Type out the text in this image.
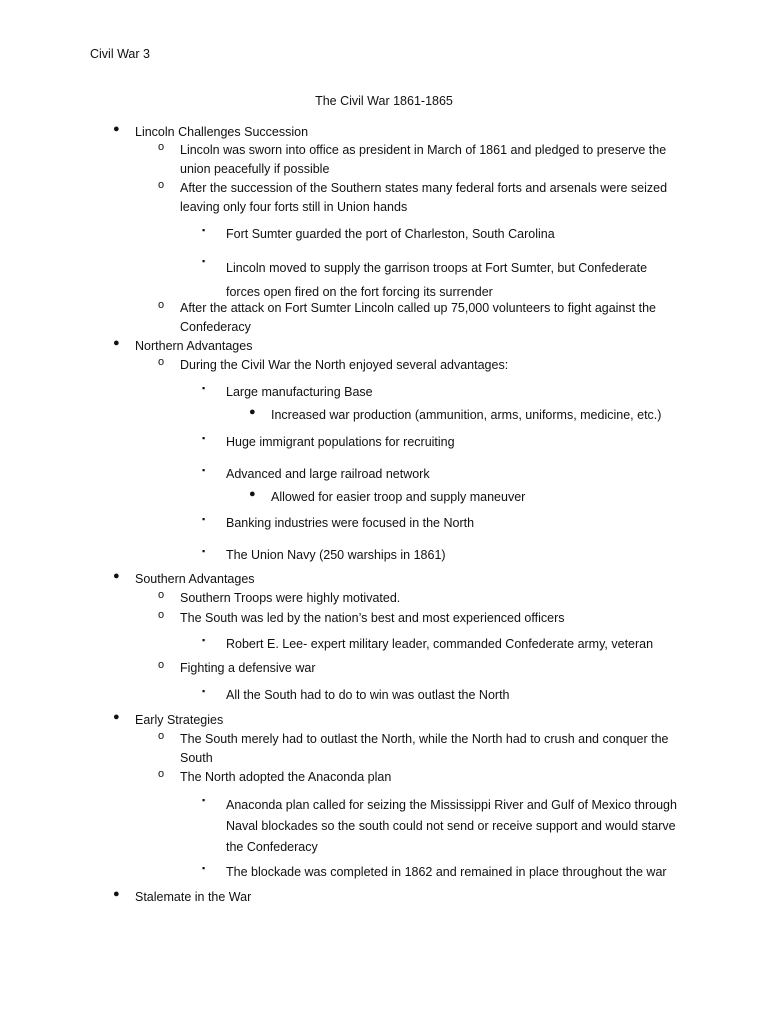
Civil War 3
The Civil War 1861-1865
● Lincoln Challenges Succession
o Lincoln was sworn into office as president in March of 1861 and pledged to preserve the union peacefully if possible
o After the succession of the Southern states many federal forts and arsenals were seized leaving only four forts still in Union hands
▪ Fort Sumter guarded the port of Charleston, South Carolina
▪ Lincoln moved to supply the garrison troops at Fort Sumter, but Confederate forces open fired on the fort forcing its surrender
o After the attack on Fort Sumter Lincoln called up 75,000 volunteers to fight against the Confederacy
● Northern Advantages
o During the Civil War the North enjoyed several advantages:
▪ Large manufacturing Base
● Increased war production (ammunition, arms, uniforms, medicine, etc.)
▪ Huge immigrant populations for recruiting
▪ Advanced and large railroad network
● Allowed for easier troop and supply maneuver
▪ Banking industries were focused in the North
▪ The Union Navy (250 warships in 1861)
● Southern Advantages
o Southern Troops were highly motivated.
o The South was led by the nation’s best and most experienced officers
▪ Robert E. Lee- expert military leader, commanded Confederate army, veteran
o Fighting a defensive war
▪ All the South had to do to win was outlast the North
● Early Strategies
o The South merely had to outlast the North, while the North had to crush and conquer the South
o The North adopted the Anaconda plan
▪ Anaconda plan called for seizing the Mississippi River and Gulf of Mexico through Naval blockades so the south could not send or receive support and would starve the Confederacy
▪ The blockade was completed in 1862 and remained in place throughout the war
● Stalemate in the War
